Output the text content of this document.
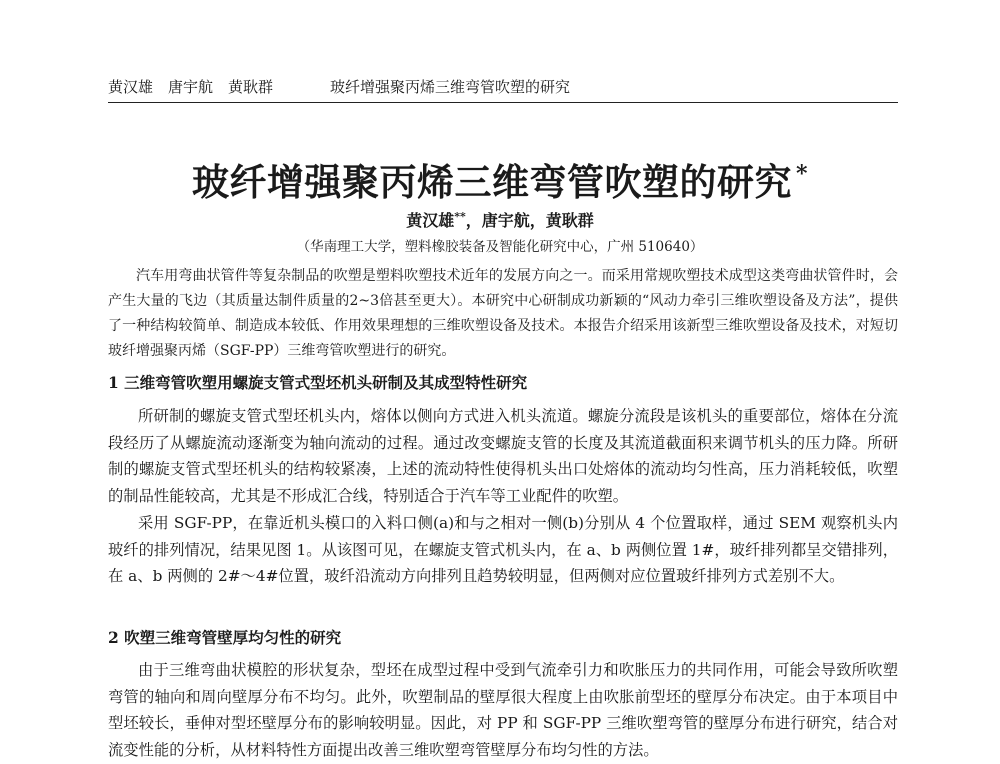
黄汉雄　唐宇航　黄耿群	玻纤增强聚丙烯三维弯管吹塑的研究
玻纤增强聚丙烯三维弯管吹塑的研究 *
黄汉雄**，唐宇航，黄耿群
（华南理工大学，塑料橡胶装备及智能化研究中心，广州 510640）
汽车用弯曲状管件等复杂制品的吹塑是塑料吹塑技术近年的发展方向之一。而采用常规吹塑技术成型这类弯曲状管件时，会产生大量的飞边（其质量达制件质量的2~3倍甚至更大）。本研究中心研制成功新颖的“风动力牵引三维吹塑设备及方法”，提供了一种结构较简单、制造成本较低、作用效果理想的三维吹塑设备及技术。本报告介绍采用该新型三维吹塑设备及技术，对短切玻纤增强聚丙烯（SGF-PP）三维弯管吹塑进行的研究。
1 三维弯管吹塑用螺旋支管式型坯机头研制及其成型特性研究
所研制的螺旋支管式型坯机头内，熔体以侧向方式进入机头流道。螺旋分流段是该机头的重要部位，熔体在分流段经历了从螺旋流动逐渐变为轴向流动的过程。通过改变螺旋支管的长度及其流道截面积来调节机头的压力降。所研制的螺旋支管式型坯机头的结构较紧凑，上述的流动特性使得机头出口处熔体的流动均匀性高，压力消耗较低，吹塑的制品性能较高，尤其是不形成汇合线，特别适合于汽车等工业配件的吹塑。
采用 SGF-PP，在靠近机头模口的入料口侧(a)和与之相对一侧(b)分别从 4 个位置取样，通过 SEM 观察机头内玻纤的排列情况，结果见图 1。从该图可见，在螺旋支管式机头内，在 a、b 两侧位置 1#，玻纤排列都呈交错排列，在 a、b 两侧的 2#～4#位置，玻纤沿流动方向排列且趋势较明显，但两侧对应位置玻纤排列方式差别不大。
2 吹塑三维弯管壁厚均匀性的研究
由于三维弯曲状模腔的形状复杂，型坯在成型过程中受到气流牵引力和吹胀压力的共同作用，可能会导致所吹塑弯管的轴向和周向壁厚分布不均匀。此外，吹塑制品的壁厚很大程度上由吹胀前型坯的壁厚分布决定。由于本项目中型坯较长，垂伸对型坯壁厚分布的影响较明显。因此，对 PP 和 SGF-PP 三维吹塑弯管的壁厚分布进行研究，结合对流变性能的分析，从材料特性方面提出改善三维吹塑弯管壁厚分布均匀性的方法。
